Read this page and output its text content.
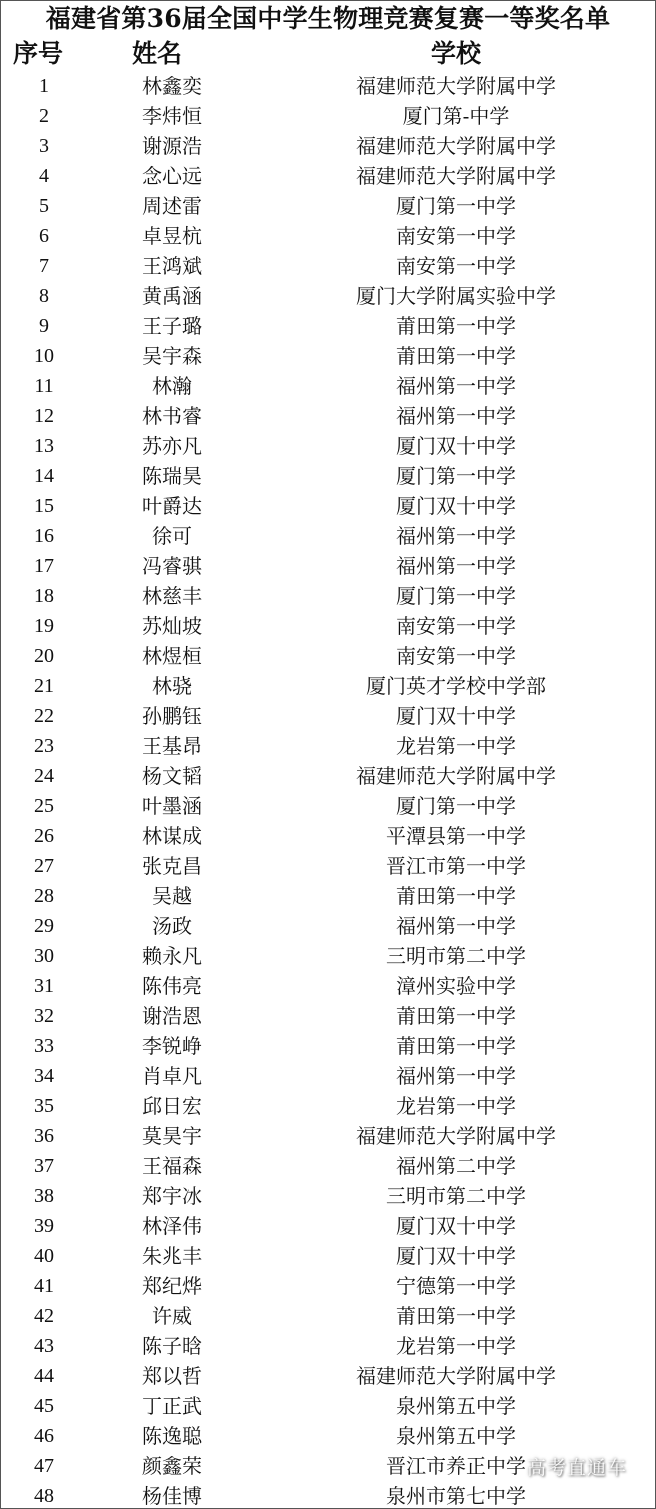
福建省第36届全国中学生物理竞赛复赛一等奖名单
序号	姓名	学校
1	林鑫奕	福建师范大学附属中学
2	李炜恒	厦门第-中学
3	谢源浩	福建师范大学附属中学
4	念心远	福建师范大学附属中学
5	周述雷	厦门第一中学
6	卓昱杭	南安第一中学
7	王鸿斌	南安第一中学
8	黄禹涵	厦门大学附属实验中学
9	王子璐	莆田第一中学
10	吴宇森	莆田第一中学
11	林瀚	福州第一中学
12	林书睿	福州第一中学
13	苏亦凡	厦门双十中学
14	陈瑞昊	厦门第一中学
15	叶爵达	厦门双十中学
16	徐可	福州第一中学
17	冯睿骐	福州第一中学
18	林慈丰	厦门第一中学
19	苏灿坡	南安第一中学
20	林煜桓	南安第一中学
21	林骁	厦门英才学校中学部
22	孙鹏钰	厦门双十中学
23	王基昂	龙岩第一中学
24	杨文韬	福建师范大学附属中学
25	叶墨涵	厦门第一中学
26	林谋成	平潭县第一中学
27	张克昌	晋江市第一中学
28	吴越	莆田第一中学
29	汤政	福州第一中学
30	赖永凡	三明市第二中学
31	陈伟亮	漳州实验中学
32	谢浩恩	莆田第一中学
33	李锐峥	莆田第一中学
34	肖卓凡	福州第一中学
35	邱日宏	龙岩第一中学
36	莫昊宇	福建师范大学附属中学
37	王福森	福州第二中学
38	郑宇冰	三明市第二中学
39	林泽伟	厦门双十中学
40	朱兆丰	厦门双十中学
41	郑纪烨	宁德第一中学
42	许威	莆田第一中学
43	陈子晗	龙岩第一中学
44	郑以哲	福建师范大学附属中学
45	丁正武	泉州第五中学
46	陈逸聪	泉州第五中学
47	颜鑫荣	晋江市养正中学
48	杨佳博	泉州市第七中学
高考直通车
